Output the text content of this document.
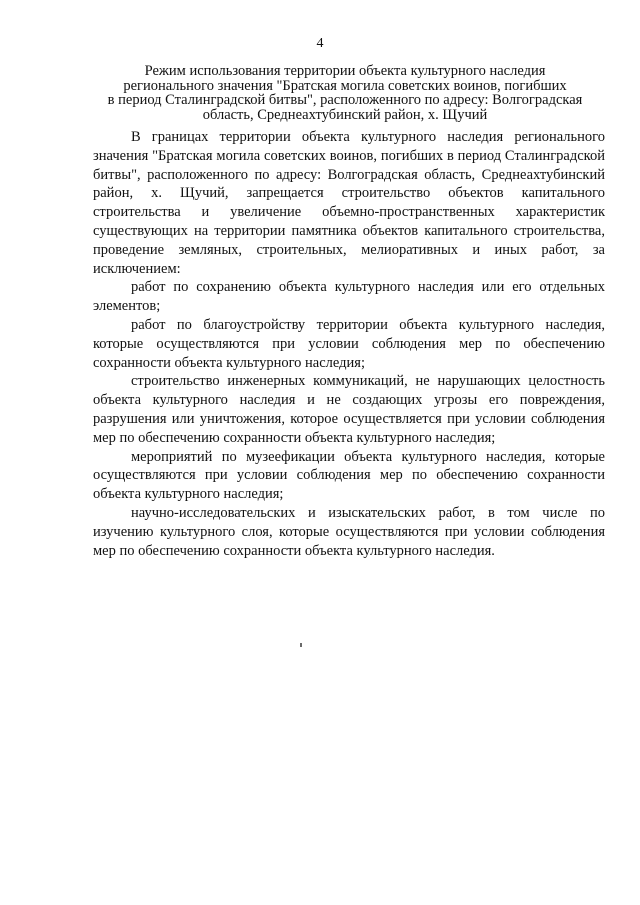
4
Режим использования территории объекта культурного наследия
регионального значения "Братская могила советских воинов, погибших
в период Сталинградской битвы", расположенного по адресу: Волгоградская
область, Среднеахтубинский район, х. Щучий

В границах территории объекта культурного наследия регионального значения "Братская могила советских воинов, погибших в период Сталинградской битвы", расположенного по адресу: Волгоградская область, Среднеахтубинский район, х. Щучий, запрещается строительство объектов капитального строительства и увеличение объемно-пространственных характеристик существующих на территории памятника объектов капитального строительства, проведение земляных, строительных, мелиоративных и иных работ, за исключением:

работ по сохранению объекта культурного наследия или его отдельных элементов;

работ по благоустройству территории объекта культурного наследия, которые осуществляются при условии соблюдения мер по обеспечению сохранности объекта культурного наследия;

строительство инженерных коммуникаций, не нарушающих целостность объекта культурного наследия и не создающих угрозы его повреждения, разрушения или уничтожения, которое осуществляется при условии соблюдения мер по обеспечению сохранности объекта культурного наследия;

мероприятий по музеефикации объекта культурного наследия, которые осуществляются при условии соблюдения мер по обеспечению сохранности объекта культурного наследия;

научно-исследовательских и изыскательских работ, в том числе по изучению культурного слоя, которые осуществляются при условии соблюдения мер по обеспечению сохранности объекта культурного наследия.
